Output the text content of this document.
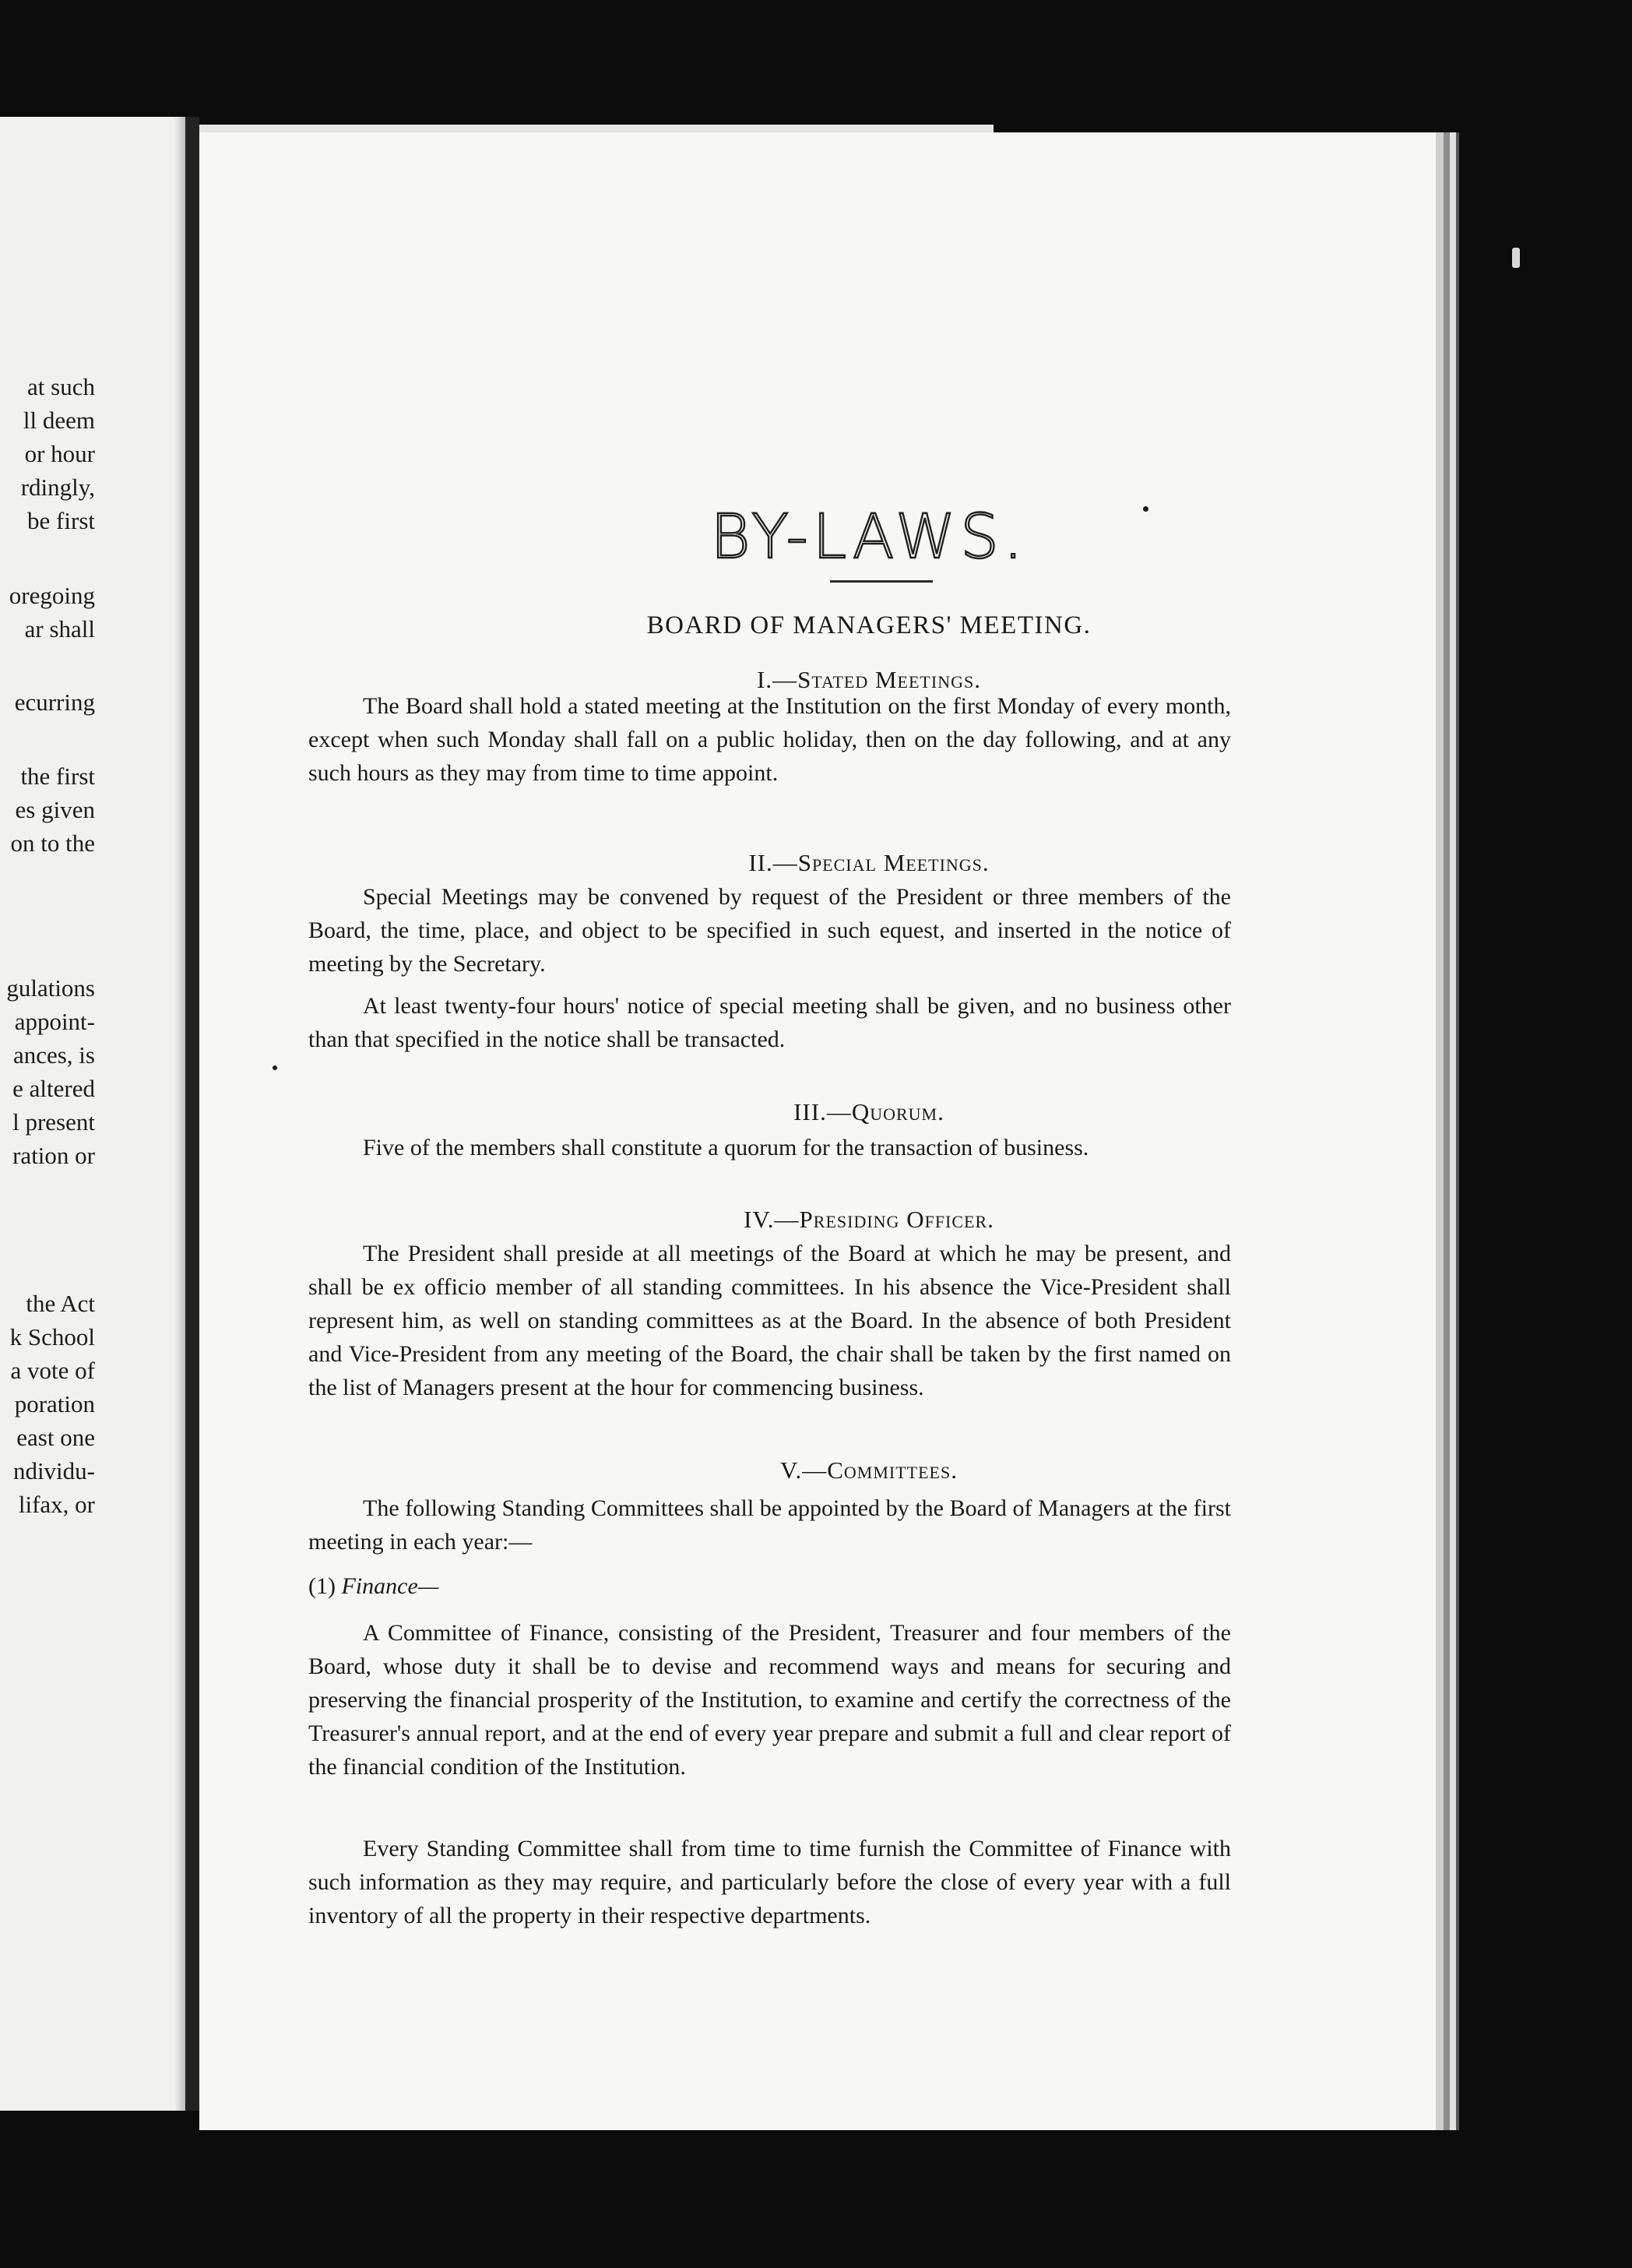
at such
ll deem
or hour
rdingly,
be first
oregoing
ar shall
ecurring
the first
es given
on to the
gulations
appoint-
ances, is
e altered
l present
ration or
the Act
k School
a vote of
poration
east one
ndividu-
lifax, or
BY-LAWS.
BOARD OF MANAGERS' MEETING.
I.—Stated Meetings.

The Board shall hold a stated meeting at the Institution on the first Monday of every month, except when such Monday shall fall on a public holiday, then on the day following, and at any such hours as they may from time to time appoint.

II.—Special Meetings.

Special Meetings may be convened by request of the President or three members of the Board, the time, place, and object to be specified in such equest, and inserted in the notice of meeting by the Secretary.

At least twenty-four hours' notice of special meeting shall be given, and no business other than that specified in the notice shall be transacted.

III.—Quorum.

Five of the members shall constitute a quorum for the transaction of business.

IV.—Presiding Officer.

The President shall preside at all meetings of the Board at which he may be present, and shall be ex officio member of all standing committees. In his absence the Vice-President shall represent him, as well on standing committees as at the Board. In the absence of both President and Vice-President from any meeting of the Board, the chair shall be taken by the first named on the list of Managers present at the hour for commencing business.

V.—Committees.

The following Standing Committees shall be appointed by the Board of Managers at the first meeting in each year:—

(1) Finance—

A Committee of Finance, consisting of the President, Treasurer and four members of the Board, whose duty it shall be to devise and recommend ways and means for securing and preserving the financial prosperity of the Institution, to examine and certify the correctness of the Treasurer's annual report, and at the end of every year prepare and submit a full and clear report of the financial condition of the Institution.

Every Standing Committee shall from time to time furnish the Committee of Finance with such information as they may require, and particularly before the close of every year with a full inventory of all the property in their respective departments.
